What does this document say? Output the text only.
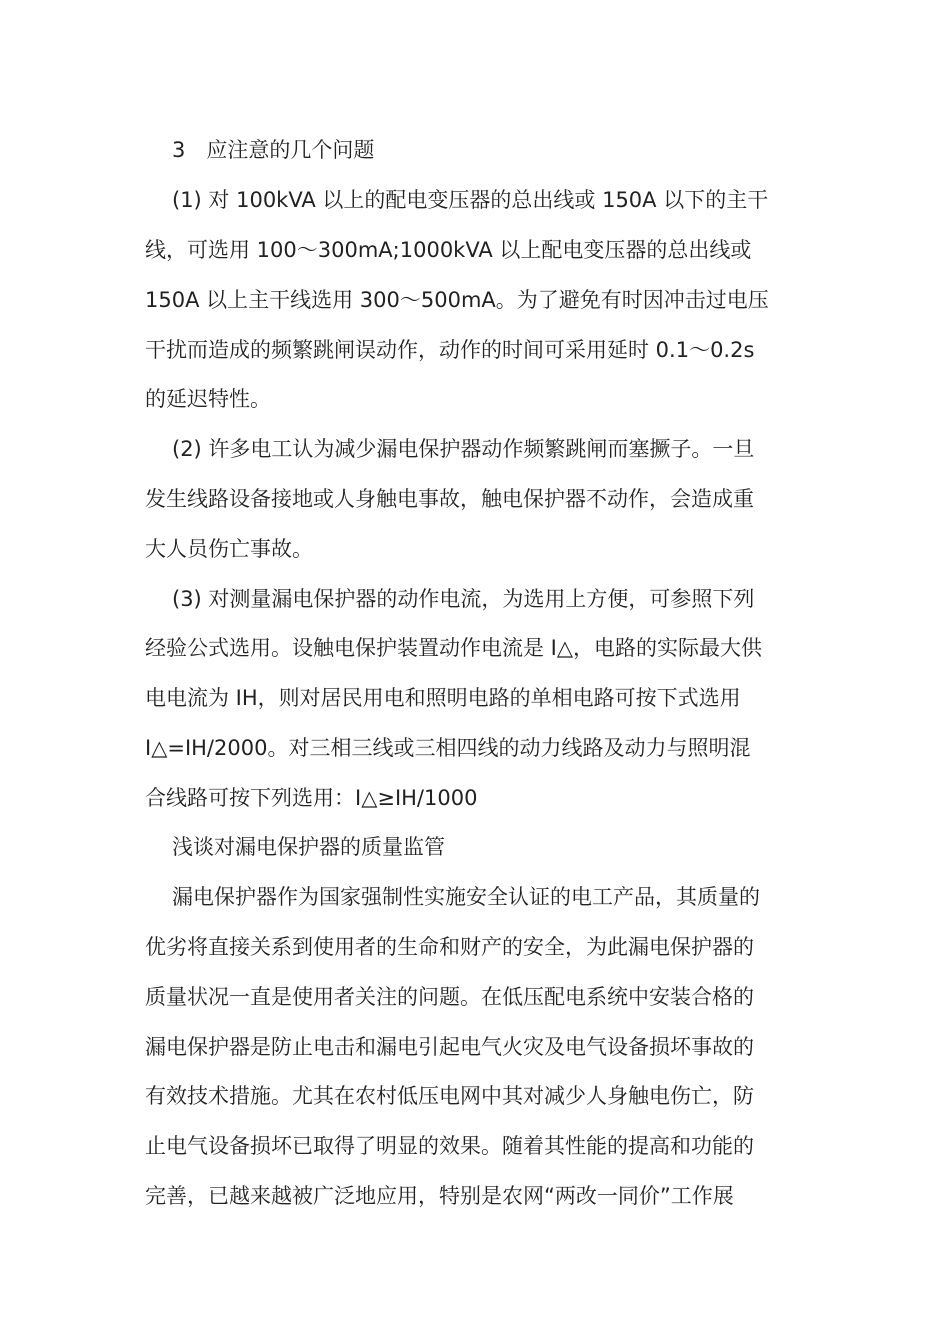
3　应注意的几个问题
(1) 对 100kVA 以上的配电变压器的总出线或 150A 以下的主干
线，可选用 100～300mA;1000kVA 以上配电变压器的总出线或
150A 以上主干线选用 300～500mA。为了避免有时因冲击过电压
干扰而造成的频繁跳闸误动作，动作的时间可采用延时 0.1～0.2s
的延迟特性。
(2) 许多电工认为减少漏电保护器动作频繁跳闸而塞撅子。一旦
发生线路设备接地或人身触电事故，触电保护器不动作，会造成重
大人员伤亡事故。
(3) 对测量漏电保护器的动作电流，为选用上方便，可参照下列
经验公式选用。设触电保护装置动作电流是 I△，电路的实际最大供
电电流为 IH，则对居民用电和照明电路的单相电路可按下式选用
I△=IH/2000。对三相三线或三相四线的动力线路及动力与照明混
合线路可按下列选用：I△≥IH/1000
浅谈对漏电保护器的质量监管
漏电保护器作为国家强制性实施安全认证的电工产品，其质量的
优劣将直接关系到使用者的生命和财产的安全，为此漏电保护器的
质量状况一直是使用者关注的问题。在低压配电系统中安装合格的
漏电保护器是防止电击和漏电引起电气火灾及电气设备损坏事故的
有效技术措施。尤其在农村低压电网中其对减少人身触电伤亡，防
止电气设备损坏已取得了明显的效果。随着其性能的提高和功能的
完善，已越来越被广泛地应用，特别是农网“两改一同价”工作展
